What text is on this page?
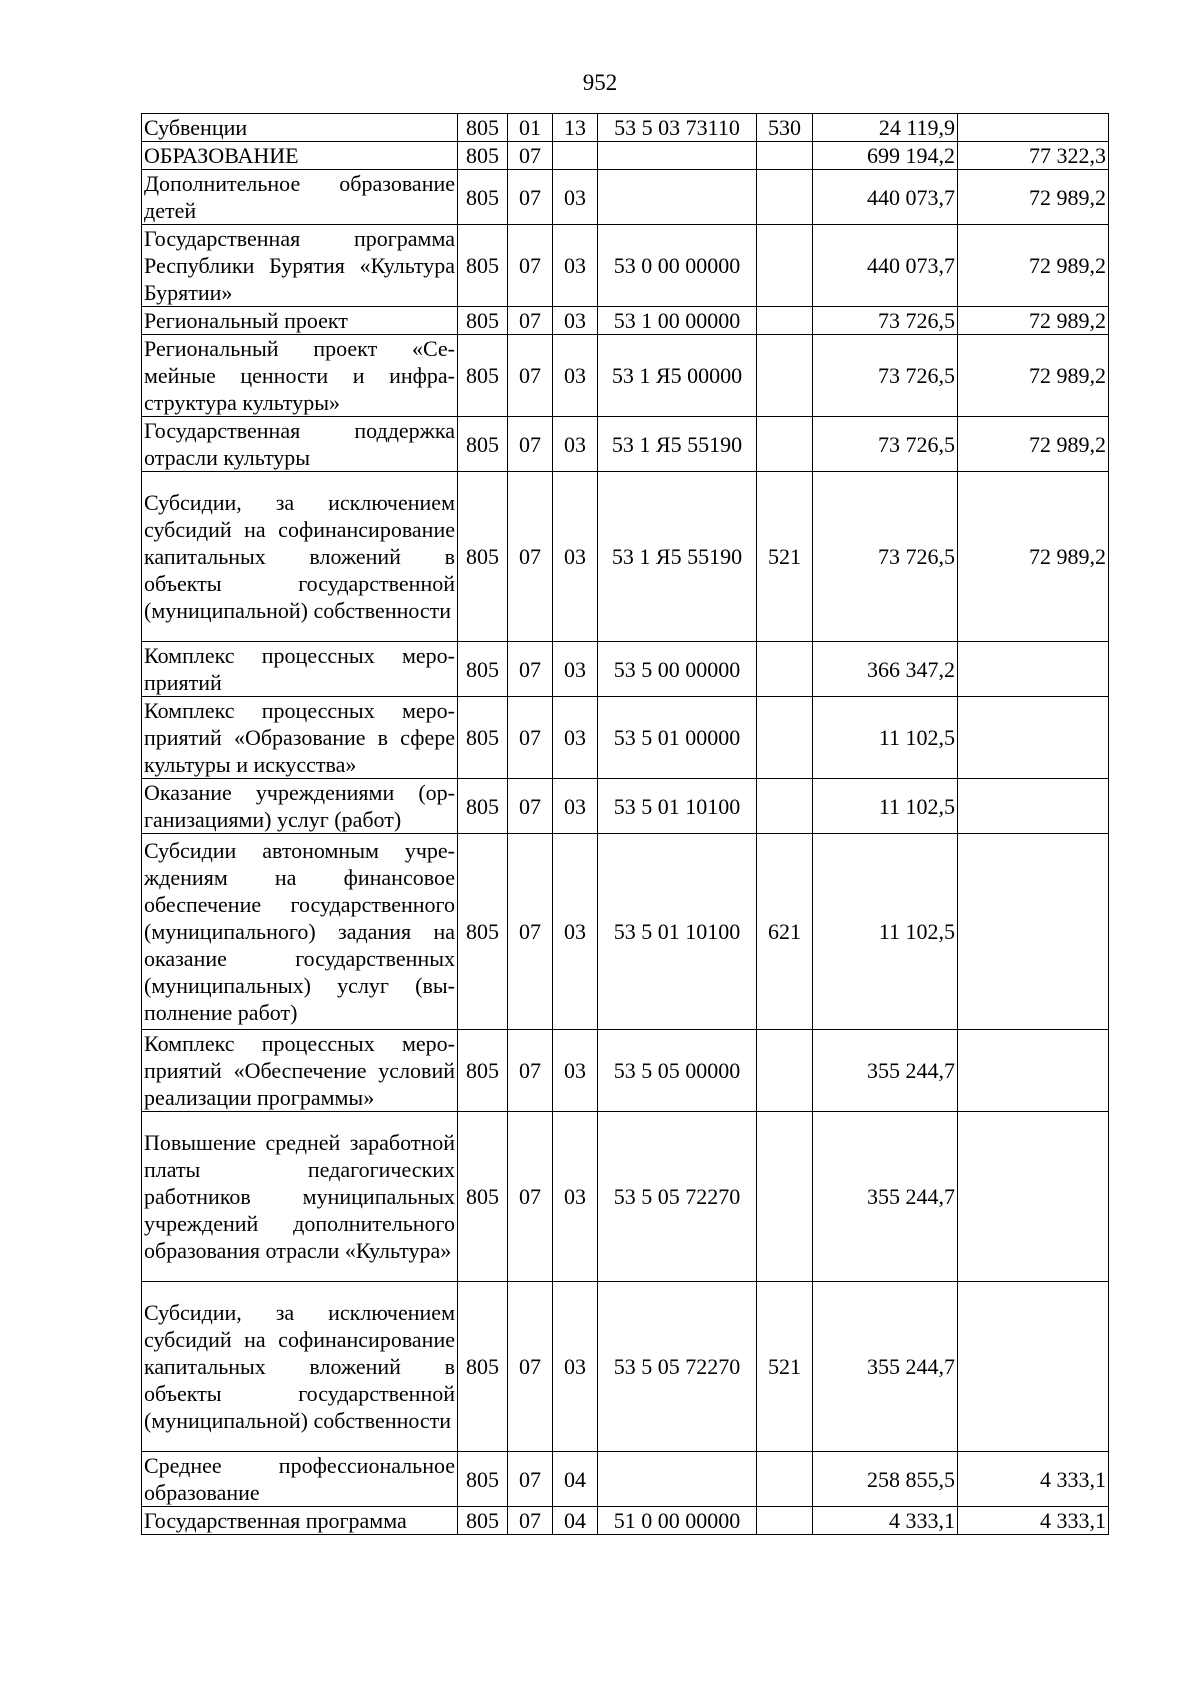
952
Субвенции	805	01	13	53 5 03 73110	530	24 119,9	
ОБРАЗОВАНИЕ	805	07				699 194,2	77 322,3
Дополнительное образование детей	805	07	03			440 073,7	72 989,2
Государственная программа Республики Бурятия «Культура Бурятии»	805	07	03	53 0 00 00000		440 073,7	72 989,2
Региональный проект	805	07	03	53 1 00 00000		73 726,5	72 989,2
Региональный проект «Семейные ценности и инфраструктура культуры»	805	07	03	53 1 Я5 00000		73 726,5	72 989,2
Государственная поддержка отрасли культуры	805	07	03	53 1 Я5 55190		73 726,5	72 989,2
Субсидии, за исключением субсидий на софинансирование капитальных вложений в объекты государственной (муниципальной) собственности	805	07	03	53 1 Я5 55190	521	73 726,5	72 989,2
Комплекс процессных мероприятий	805	07	03	53 5 00 00000		366 347,2	
Комплекс процессных мероприятий «Образование в сфере культуры и искусства»	805	07	03	53 5 01 00000		11 102,5	
Оказание учреждениями (организациями) услуг (работ)	805	07	03	53 5 01 10100		11 102,5	
Субсидии автономным учреждениям на финансовое обеспечение государственного (муниципального) задания на оказание государственных (муниципальных) услуг (выполнение работ)	805	07	03	53 5 01 10100	621	11 102,5	
Комплекс процессных мероприятий «Обеспечение условий реализации программы»	805	07	03	53 5 05 00000		355 244,7	
Повышение средней заработной платы педагогических работников муниципальных учреждений дополнительного образования отрасли «Культура»	805	07	03	53 5 05 72270		355 244,7	
Субсидии, за исключением субсидий на софинансирование капитальных вложений в объекты государственной (муниципальной) собственности	805	07	03	53 5 05 72270	521	355 244,7	
Среднее профессиональное образование	805	07	04			258 855,5	4 333,1
Государственная программа	805	07	04	51 0 00 00000		4 333,1	4 333,1
